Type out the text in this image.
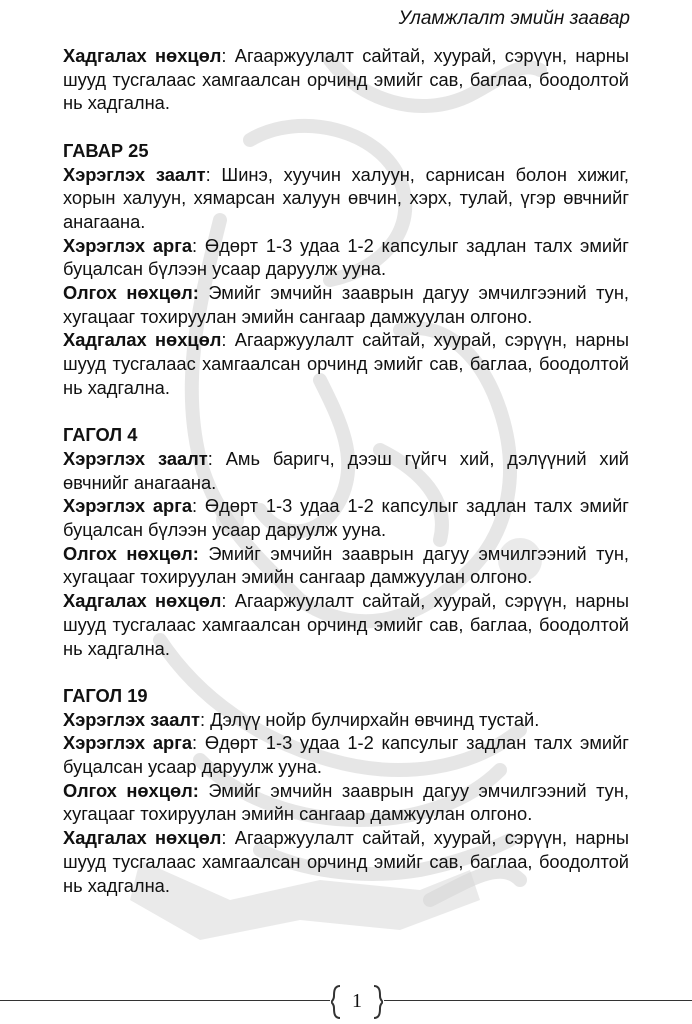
Уламжлалт эмийн заавар

Хадгалах нөхцөл: Агааржуулалт сайтай, хуурай, сэрүүн, нарны шууд тусгалаас хамгаалсан орчинд эмийг сав, баглаа, боодолтой нь хадгална.

ГАВАР 25

Хэрэглэх заалт: Шинэ, хуучин халуун, сарнисан болон хижиг, хорын халуун, хямарсан халуун өвчин, хэрх, тулай, үгэр өвчнийг анагаана.

Хэрэглэх арга: Өдөрт 1-3 удаа 1-2 капсулыг задлан талх эмийг буцалсан бүлээн усаар даруулж ууна.

Олгох нөхцөл: Эмийг эмчийн зааврын дагуу эмчилгээний тун, хугацааг тохируулан эмийн сангаар дамжуулан олгоно.

Хадгалах нөхцөл: Агааржуулалт сайтай, хуурай, сэрүүн, нарны шууд тусгалаас хамгаалсан орчинд эмийг сав, баглаа, боодолтой нь хадгална.

ГАГОЛ 4

Хэрэглэх заалт: Амь баригч, дээш гүйгч хий, дэлүүний хий өвчнийг анагаана.

Хэрэглэх арга: Өдөрт 1-3 удаа 1-2 капсулыг задлан талх эмийг буцалсан бүлээн усаар даруулж ууна.

Олгох нөхцөл: Эмийг эмчийн зааврын дагуу эмчилгээний тун, хугацааг тохируулан эмийн сангаар дамжуулан олгоно.

Хадгалах нөхцөл: Агааржуулалт сайтай, хуурай, сэрүүн, нарны шууд тусгалаас хамгаалсан орчинд эмийг сав, баглаа, боодолтой нь хадгална.

ГАГОЛ 19

Хэрэглэх заалт: Дэлүү нойр булчирхайн өвчинд тустай.

Хэрэглэх арга: Өдөрт 1-3 удаа 1-2 капсулыг задлан талх эмийг буцалсан усаар даруулж ууна.

Олгох нөхцөл: Эмийг эмчийн зааврын дагуу эмчилгээний тун, хугацааг тохируулан эмийн сангаар дамжуулан олгоно.

Хадгалах нөхцөл: Агааржуулалт сайтай, хуурай, сэрүүн, нарны шууд тусгалаас хамгаалсан орчинд эмийг сав, баглаа, боодолтой нь хадгална.

1
